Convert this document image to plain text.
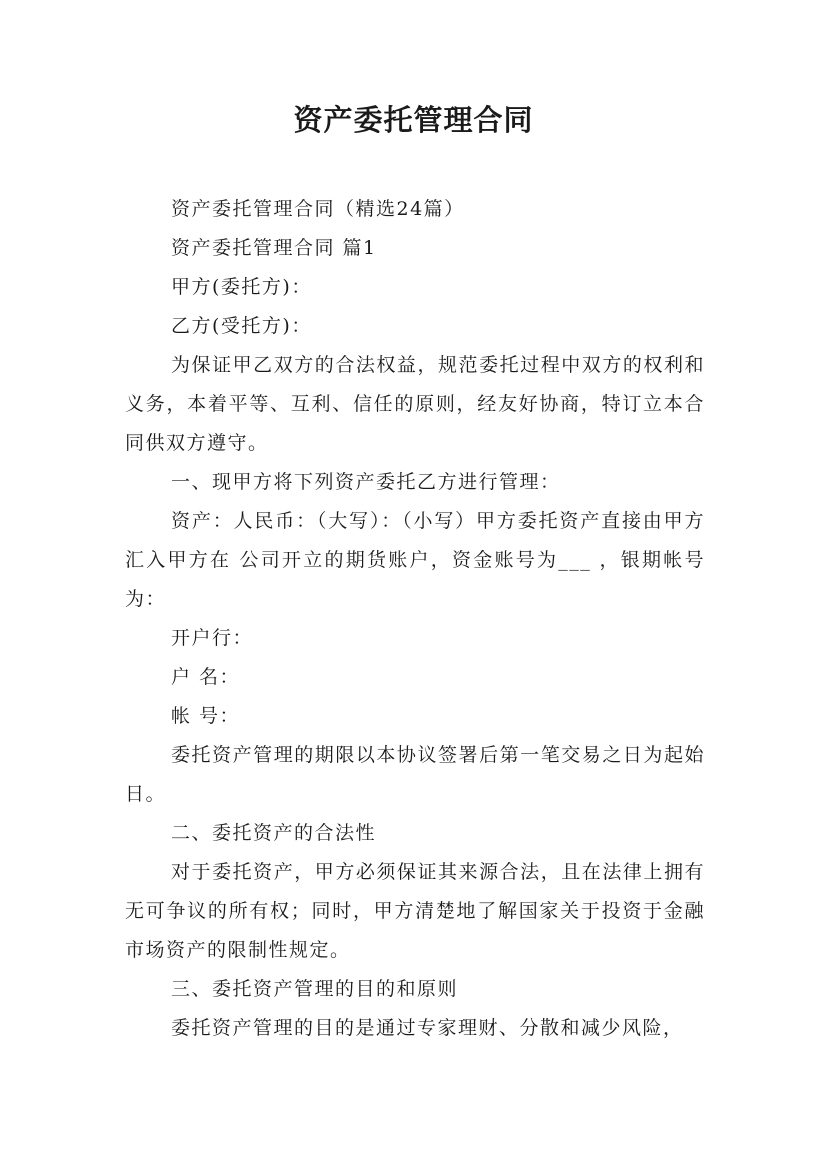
资产委托管理合同

资产委托管理合同（精选24篇）

资产委托管理合同 篇1

甲方(委托方)：

乙方(受托方)：

为保证甲乙双方的合法权益，规范委托过程中双方的权利和义务，本着平等、互利、信任的原则，经友好协商，特订立本合同供双方遵守。

一、现甲方将下列资产委托乙方进行管理：

资产：人民币：（大写）：（小写）甲方委托资产直接由甲方汇入甲方在 公司开立的期货账户，资金账号为___ ，银期帐号为：

开户行：

户 名：

帐 号：

委托资产管理的期限以本协议签署后第一笔交易之日为起始日。

二、委托资产的合法性

对于委托资产，甲方必须保证其来源合法，且在法律上拥有无可争议的所有权；同时，甲方清楚地了解国家关于投资于金融市场资产的限制性规定。

三、委托资产管理的目的和原则

委托资产管理的目的是通过专家理财、分散和减少风险，
